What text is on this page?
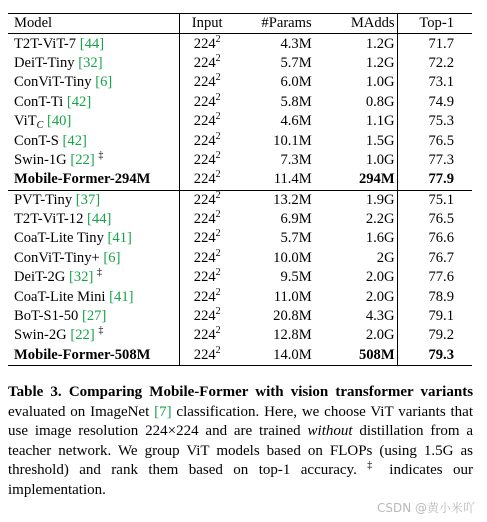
Model	Input	#Params	MAdds	Top-1
T2T-ViT-7 [44]	$224^2$	4.3M	1.2G	71.7
DeiT-Tiny [32]	$224^2$	5.7M	1.2G	72.2
ConViT-Tiny [6]	$224^2$	6.0M	1.0G	73.1
ConT-Ti [42]	$224^2$	5.8M	0.8G	74.9
ViT$_C$ [40]	$224^2$	4.6M	1.1G	75.3
ConT-S [42]	$224^2$	10.1M	1.5G	76.5
Swin-1G [22] ‡	$224^2$	7.3M	1.0G	77.3
Mobile-Former-294M	$224^2$	11.4M	294M	77.9
PVT-Tiny [37]	$224^2$	13.2M	1.9G	75.1
T2T-ViT-12 [44]	$224^2$	6.9M	2.2G	76.5
CoaT-Lite Tiny [41]	$224^2$	5.7M	1.6G	76.6
ConViT-Tiny+ [6]	$224^2$	10.0M	2G	76.7
DeiT-2G [32] ‡	$224^2$	9.5M	2.0G	77.6
CoaT-Lite Mini [41]	$224^2$	11.0M	2.0G	78.9
BoT-S1-50 [27]	$224^2$	20.8M	4.3G	79.1
Swin-2G [22] ‡	$224^2$	12.8M	2.0G	79.2
Mobile-Former-508M	$224^2$	14.0M	508M	79.3
Table 3. Comparing Mobile-Former with vision transformer variants evaluated on ImageNet [7] classification. Here, we choose ViT variants that use image resolution 224×224 and are trained without distillation from a teacher network. We group ViT models based on FLOPs (using 1.5G as threshold) and rank them based on top-1 accuracy. ‡ indicates our implementation.
CSDN @黄小米吖
